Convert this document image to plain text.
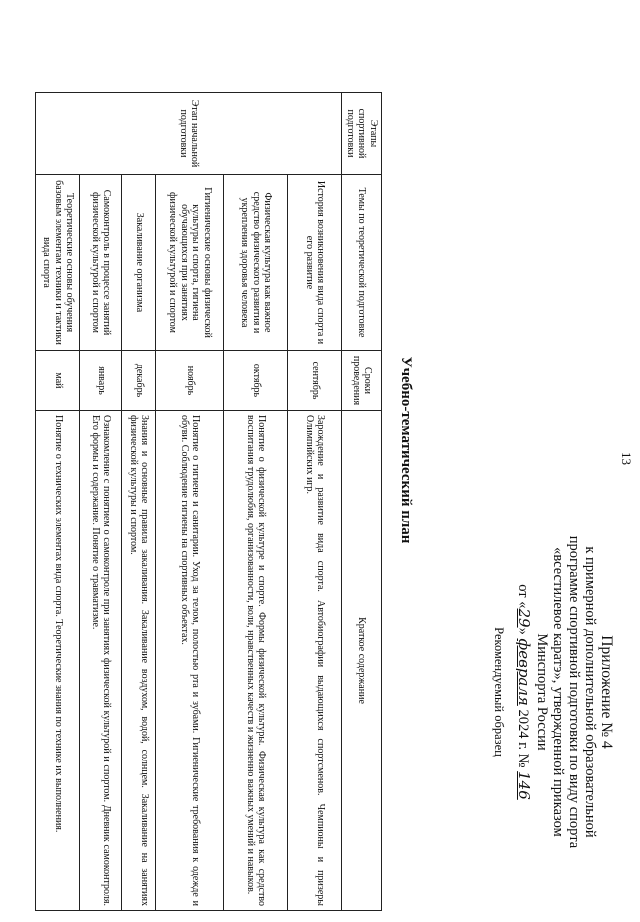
13
Приложение № 4
к примерной дополнительной образовательной
программе спортивной подготовки по виду спорта
«всестилевое каратэ», утвержденной приказом
Минспорта России
от «29» февраля 2024 г. № 146
Рекомендуемый образец
Учебно-тематический план
Этапы спортивной подготовки	Темы по теоретической подготовке	Сроки проведения	Краткое содержание
Этап начальной подготовки	История возникновения вида спорта и его развитие	сентябрь	Зарождение и развитие вида спорта. Автобиографии выдающихся спортсменов. Чемпионы и призеры Олимпийских игр.
	Физическая культура как важное средство физического развития и укрепления здоровья человека	октябрь	Понятие о физической культуре и спорте. Формы физической культуры. Физическая культура как средство воспитания трудолюбия, организованности, воли, нравственных качеств и жизненно важных умений и навыков.
	Гигиенические основы физической культуры и спорта, гигиена обучающихся при занятиях физической культурой и спортом	ноябрь	Понятие о гигиене и санитарии. Уход за телом, полостью рта и зубами. Гигиенические требования к одежде и обуви. Соблюдение гигиены на спортивных объектах.
	Закаливание организма	декабрь	Знания и основные правила закаливания. Закаливание воздухом, водой, солнцем. Закаливание на занятиях физической культуры и спортом.
	Самоконтроль в процессе занятий физической культурой и спортом	январь	Ознакомление с понятием о самоконтроле при занятиях физической культурой и спортом. Дневник самоконтроля. Его формы и содержание. Понятие о травматизме.
	Теоретические основы обучения базовым элементам техники и тактики вида спорта	май	Понятие о технических элементах вида спорта. Теоретические знания по технике их выполнения.
